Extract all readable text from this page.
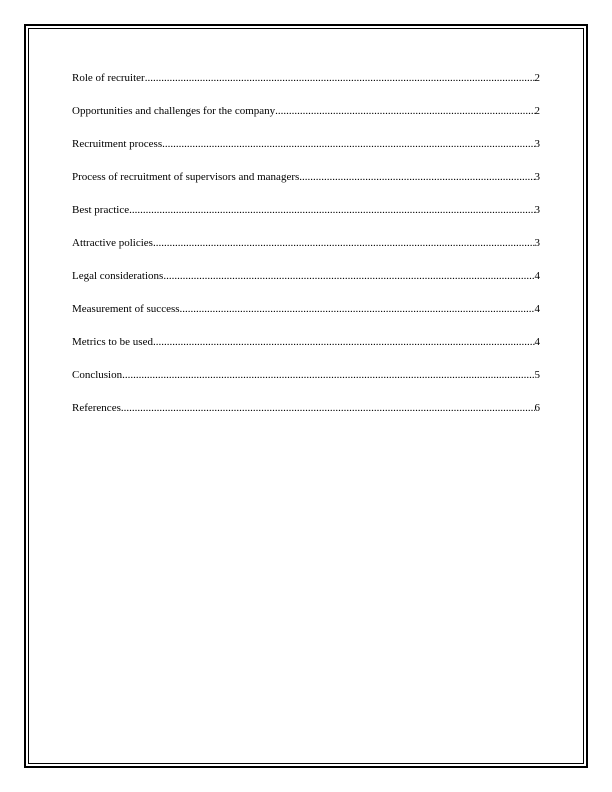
Role of recruiter .....	2
Opportunities and challenges for the company .....	2
Recruitment process .....	3
Process of recruitment of supervisors and managers .....	3
Best practice .....	3
Attractive policies .....	3
Legal considerations .....	4
Measurement of success .....	4
Metrics to be used .....	4
Conclusion .....	5
References .....	6
